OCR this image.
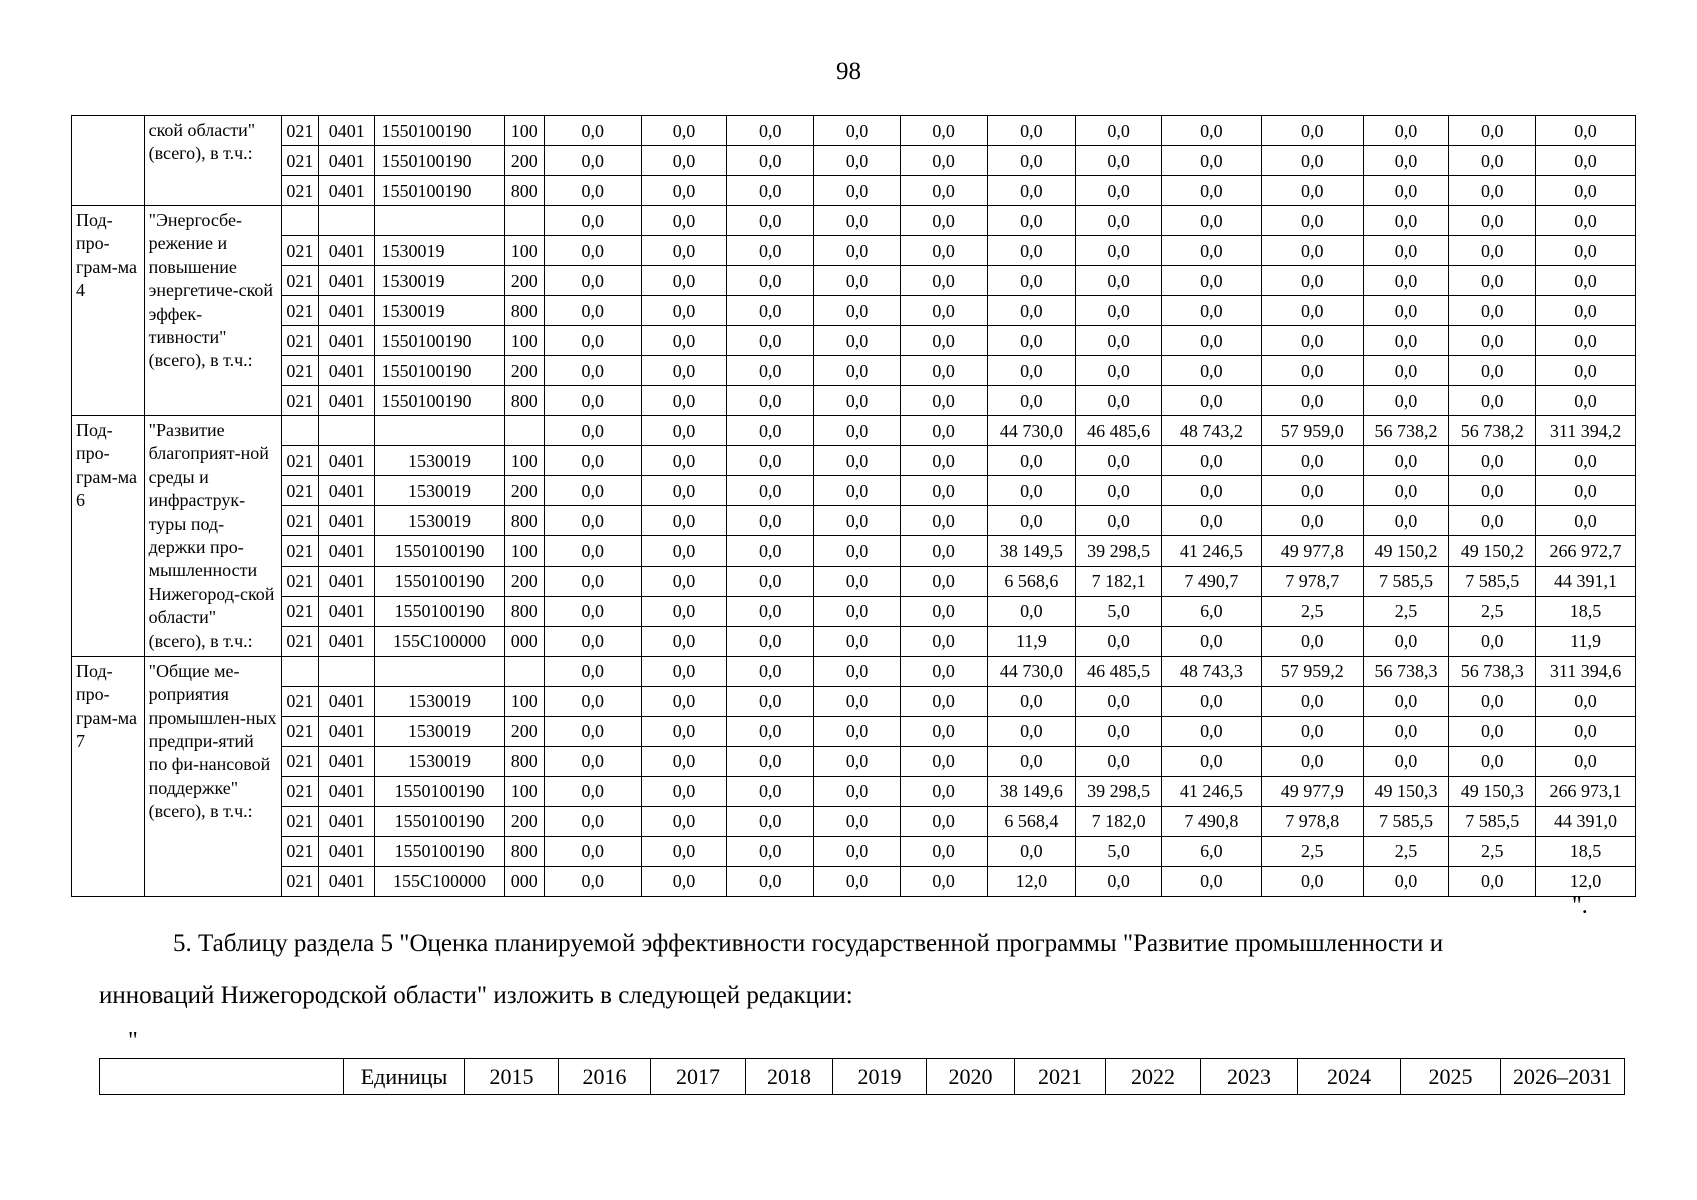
98
	ской области" (всего), в т.ч.:	021	0401	1550100190	100	0,0	0,0	0,0	0,0	0,0	0,0	0,0	0,0	0,0	0,0	0,0	0,0
		021	0401	1550100190	200	0,0	0,0	0,0	0,0	0,0	0,0	0,0	0,0	0,0	0,0	0,0	0,0
		021	0401	1550100190	800	0,0	0,0	0,0	0,0	0,0	0,0	0,0	0,0	0,0	0,0	0,0	0,0
Под-про-грам-ма 4	"Энергосбе-режение и повышение энергетиче-ской эффек-тивности" (всего), в т.ч.:					0,0	0,0	0,0	0,0	0,0	0,0	0,0	0,0	0,0	0,0	0,0	0,0
		021	0401	1530019	100	0,0	0,0	0,0	0,0	0,0	0,0	0,0	0,0	0,0	0,0	0,0	0,0
		021	0401	1530019	200	0,0	0,0	0,0	0,0	0,0	0,0	0,0	0,0	0,0	0,0	0,0	0,0
		021	0401	1530019	800	0,0	0,0	0,0	0,0	0,0	0,0	0,0	0,0	0,0	0,0	0,0	0,0
		021	0401	1550100190	100	0,0	0,0	0,0	0,0	0,0	0,0	0,0	0,0	0,0	0,0	0,0	0,0
		021	0401	1550100190	200	0,0	0,0	0,0	0,0	0,0	0,0	0,0	0,0	0,0	0,0	0,0	0,0
		021	0401	1550100190	800	0,0	0,0	0,0	0,0	0,0	0,0	0,0	0,0	0,0	0,0	0,0	0,0
Под-про-грам-ма 6	"Развитие благоприят-ной среды и инфраструк-туры под-держки про-мышленности Нижегород-ской области" (всего), в т.ч.:					0,0	0,0	0,0	0,0	0,0	44 730,0	46 485,6	48 743,2	57 959,0	56 738,2	56 738,2	311 394,2
		021	0401	1530019	100	0,0	0,0	0,0	0,0	0,0	0,0	0,0	0,0	0,0	0,0	0,0	0,0
		021	0401	1530019	200	0,0	0,0	0,0	0,0	0,0	0,0	0,0	0,0	0,0	0,0	0,0	0,0
		021	0401	1530019	800	0,0	0,0	0,0	0,0	0,0	0,0	0,0	0,0	0,0	0,0	0,0	0,0
		021	0401	1550100190	100	0,0	0,0	0,0	0,0	0,0	38 149,5	39 298,5	41 246,5	49 977,8	49 150,2	49 150,2	266 972,7
		021	0401	1550100190	200	0,0	0,0	0,0	0,0	0,0	6 568,6	7 182,1	7 490,7	7 978,7	7 585,5	7 585,5	44 391,1
		021	0401	1550100190	800	0,0	0,0	0,0	0,0	0,0	0,0	5,0	6,0	2,5	2,5	2,5	18,5
		021	0401	155C100000	000	0,0	0,0	0,0	0,0	0,0	11,9	0,0	0,0	0,0	0,0	0,0	11,9
Под-про-грам-ма 7	"Общие ме-роприятия промышлен-ных предпри-ятий по фи-нансовой поддержке" (всего), в т.ч.:					0,0	0,0	0,0	0,0	0,0	44 730,0	46 485,5	48 743,3	57 959,2	56 738,3	56 738,3	311 394,6
		021	0401	1530019	100	0,0	0,0	0,0	0,0	0,0	0,0	0,0	0,0	0,0	0,0	0,0	0,0
		021	0401	1530019	200	0,0	0,0	0,0	0,0	0,0	0,0	0,0	0,0	0,0	0,0	0,0	0,0
		021	0401	1530019	800	0,0	0,0	0,0	0,0	0,0	0,0	0,0	0,0	0,0	0,0	0,0	0,0
		021	0401	1550100190	100	0,0	0,0	0,0	0,0	0,0	38 149,6	39 298,5	41 246,5	49 977,9	49 150,3	49 150,3	266 973,1
		021	0401	1550100190	200	0,0	0,0	0,0	0,0	0,0	6 568,4	7 182,0	7 490,8	7 978,8	7 585,5	7 585,5	44 391,0
		021	0401	1550100190	800	0,0	0,0	0,0	0,0	0,0	0,0	5,0	6,0	2,5	2,5	2,5	18,5
		021	0401	155C100000	000	0,0	0,0	0,0	0,0	0,0	12,0	0,0	0,0	0,0	0,0	0,0	12,0
".
5. Таблицу раздела 5 "Оценка планируемой эффективности государственной программы "Развитие промышленности и
инноваций Нижегородской области" изложить в следующей редакции:
"
	Единицы	2015	2016	2017	2018	2019	2020	2021	2022	2023	2024	2025	2026–2031
